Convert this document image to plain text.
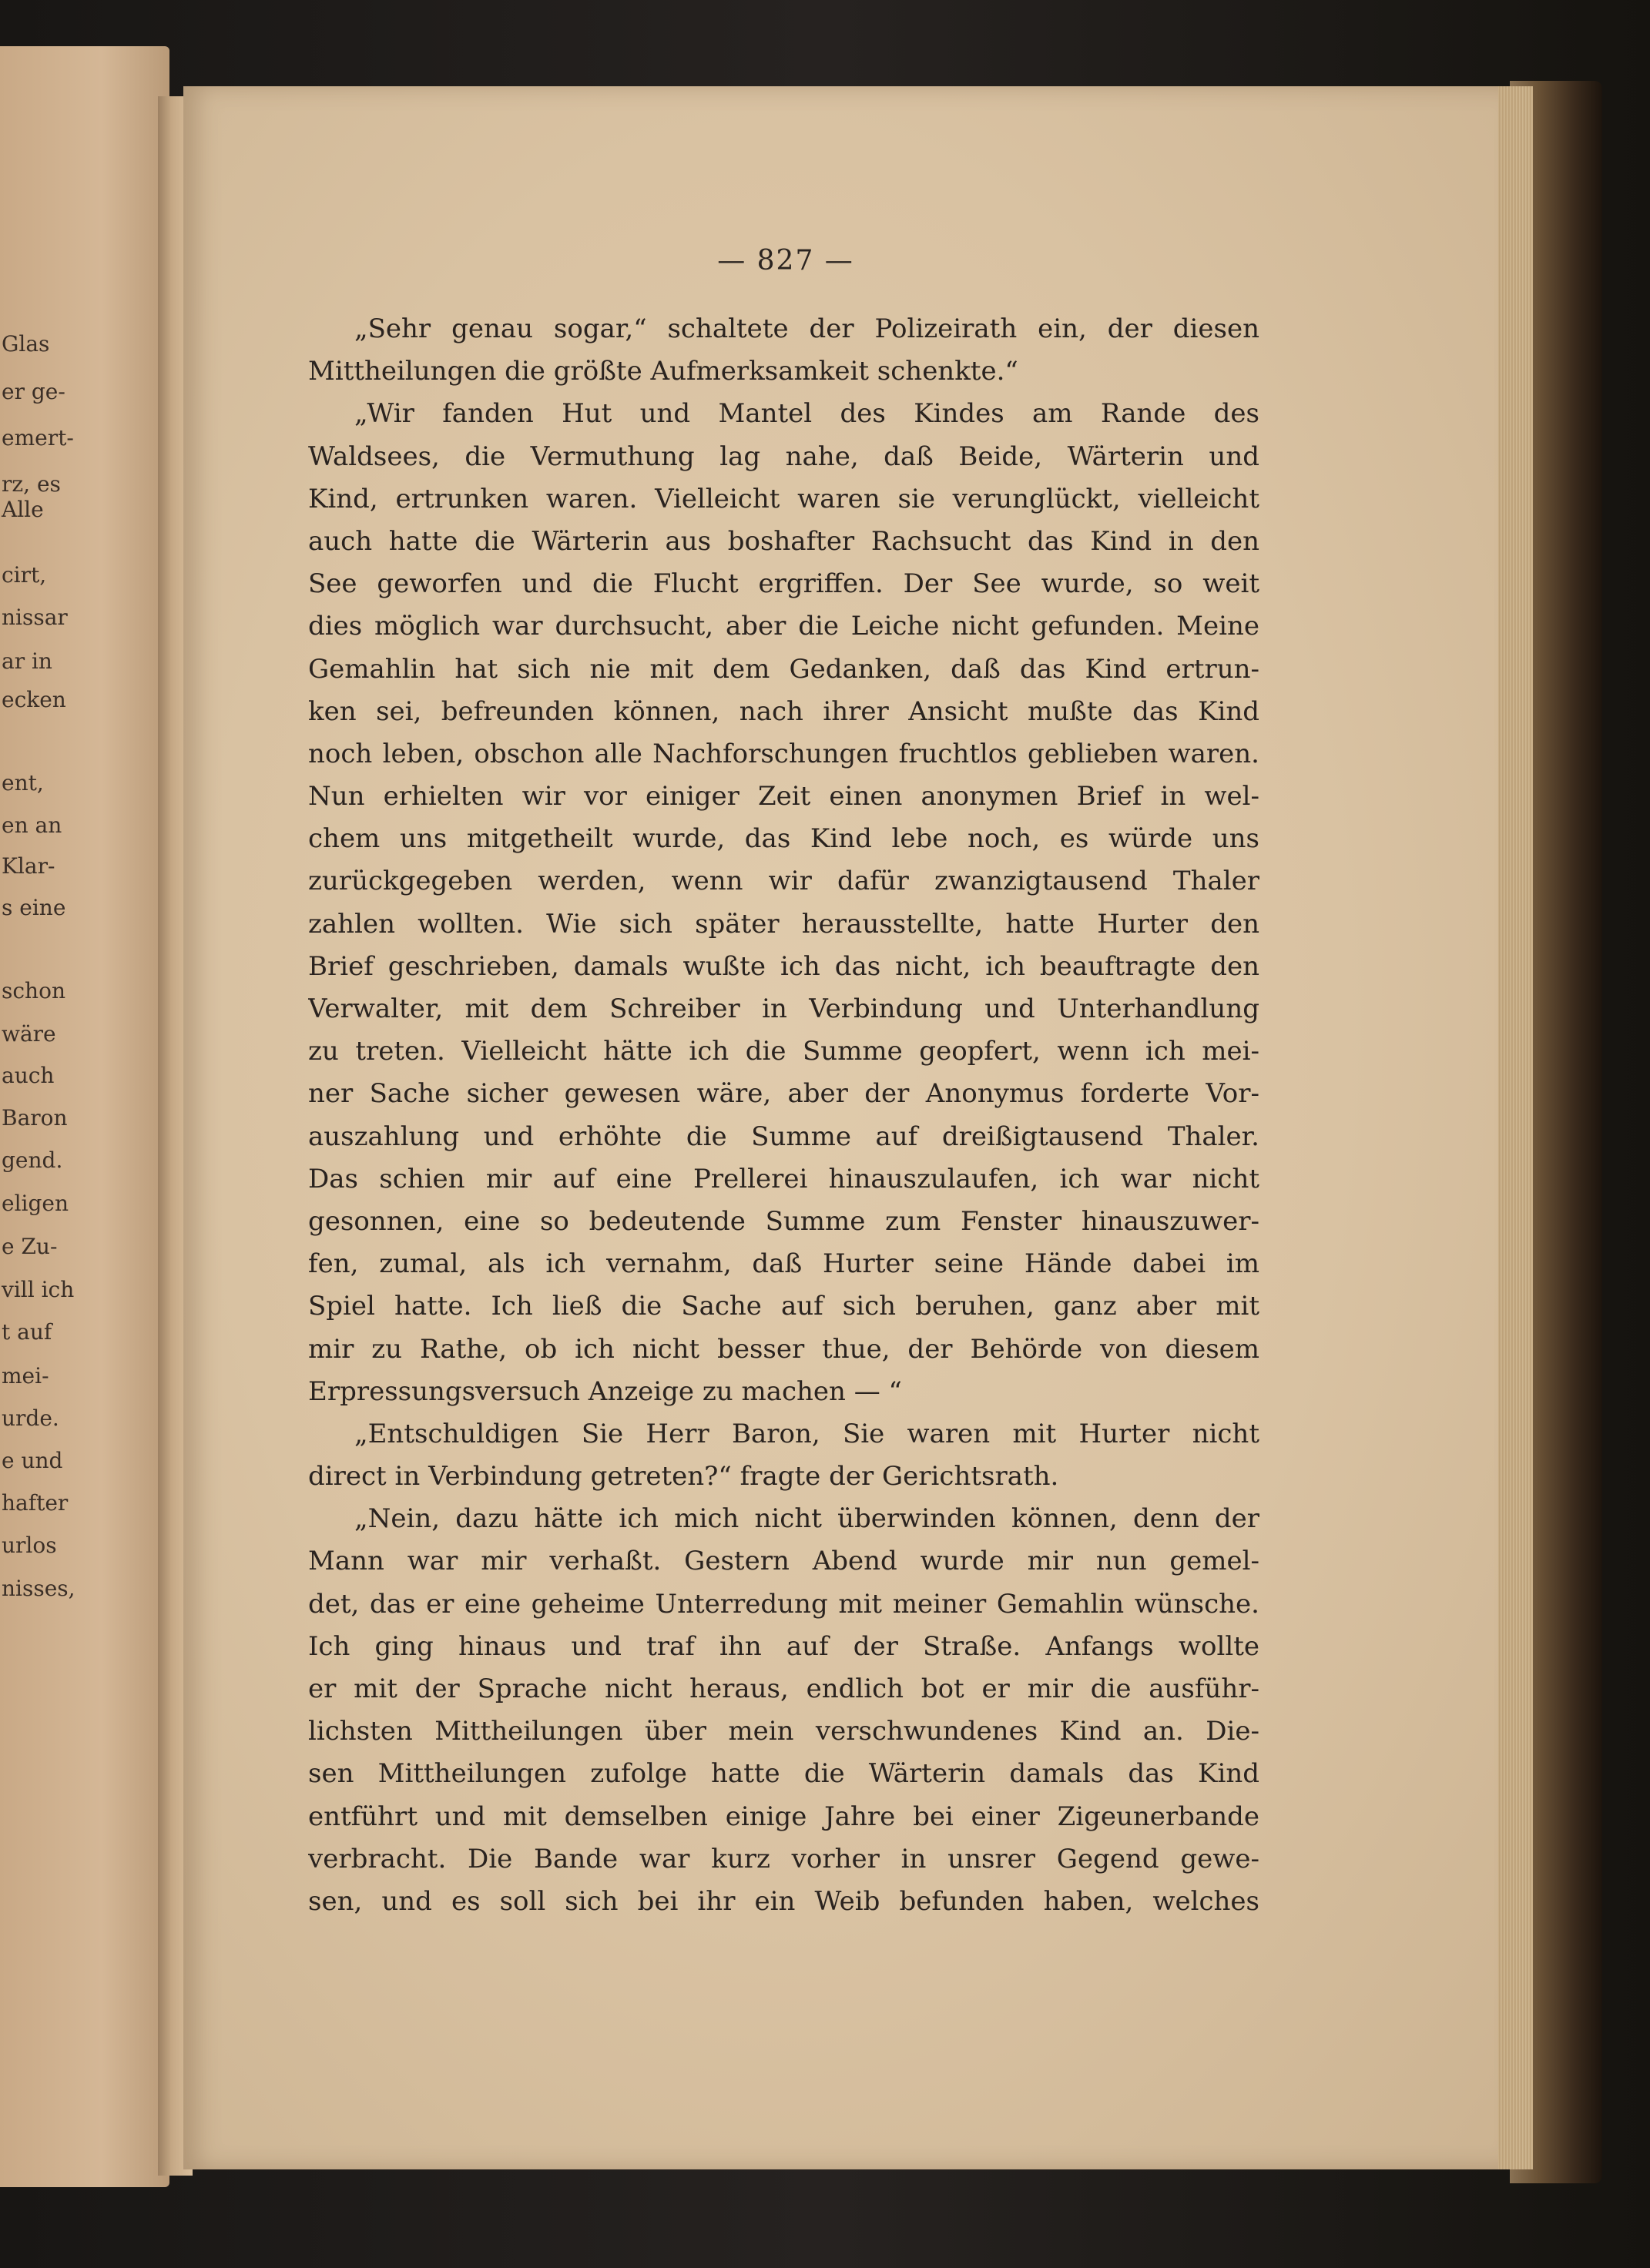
Glas
er ge-
emert-
rz, es
Alle
cirt,
nissar
ar in
ecken
ent,
en an
Klar-
s eine
schon
wäre
auch
Baron
gend.
eligen
e Zu-
vill ich
t auf
mei-
urde.
e und
hafter
urlos
nisses,
— 827 —
„Sehr genau sogar,“ schaltete der Polizeirath ein, der diesen
Mittheilungen die größte Aufmerksamkeit schenkte.“
„Wir fanden Hut und Mantel des Kindes am Rande des
Waldsees, die Vermuthung lag nahe, daß Beide, Wärterin und
Kind, ertrunken waren. Vielleicht waren sie verunglückt, vielleicht
auch hatte die Wärterin aus boshafter Rachsucht das Kind in den
See geworfen und die Flucht ergriffen. Der See wurde, so weit
dies möglich war durchsucht, aber die Leiche nicht gefunden. Meine
Gemahlin hat sich nie mit dem Gedanken, daß das Kind ertrun-
ken sei, befreunden können, nach ihrer Ansicht mußte das Kind
noch leben, obschon alle Nachforschungen fruchtlos geblieben waren.
Nun erhielten wir vor einiger Zeit einen anonymen Brief in wel-
chem uns mitgetheilt wurde, das Kind lebe noch, es würde uns
zurückgegeben werden, wenn wir dafür zwanzigtausend Thaler
zahlen wollten. Wie sich später herausstellte, hatte Hurter den
Brief geschrieben, damals wußte ich das nicht, ich beauftragte den
Verwalter, mit dem Schreiber in Verbindung und Unterhandlung
zu treten. Vielleicht hätte ich die Summe geopfert, wenn ich mei-
ner Sache sicher gewesen wäre, aber der Anonymus forderte Vor-
auszahlung und erhöhte die Summe auf dreißigtausend Thaler.
Das schien mir auf eine Prellerei hinauszulaufen, ich war nicht
gesonnen, eine so bedeutende Summe zum Fenster hinauszuwer-
fen, zumal, als ich vernahm, daß Hurter seine Hände dabei im
Spiel hatte. Ich ließ die Sache auf sich beruhen, ganz aber mit
mir zu Rathe, ob ich nicht besser thue, der Behörde von diesem
Erpressungsversuch Anzeige zu machen — “
„Entschuldigen Sie Herr Baron, Sie waren mit Hurter nicht
direct in Verbindung getreten?“ fragte der Gerichtsrath.
„Nein, dazu hätte ich mich nicht überwinden können, denn der
Mann war mir verhaßt. Gestern Abend wurde mir nun gemel-
det, das er eine geheime Unterredung mit meiner Gemahlin wünsche.
Ich ging hinaus und traf ihn auf der Straße. Anfangs wollte
er mit der Sprache nicht heraus, endlich bot er mir die ausführ-
lichsten Mittheilungen über mein verschwundenes Kind an. Die-
sen Mittheilungen zufolge hatte die Wärterin damals das Kind
entführt und mit demselben einige Jahre bei einer Zigeunerbande
verbracht. Die Bande war kurz vorher in unsrer Gegend gewe-
sen, und es soll sich bei ihr ein Weib befunden haben, welches
